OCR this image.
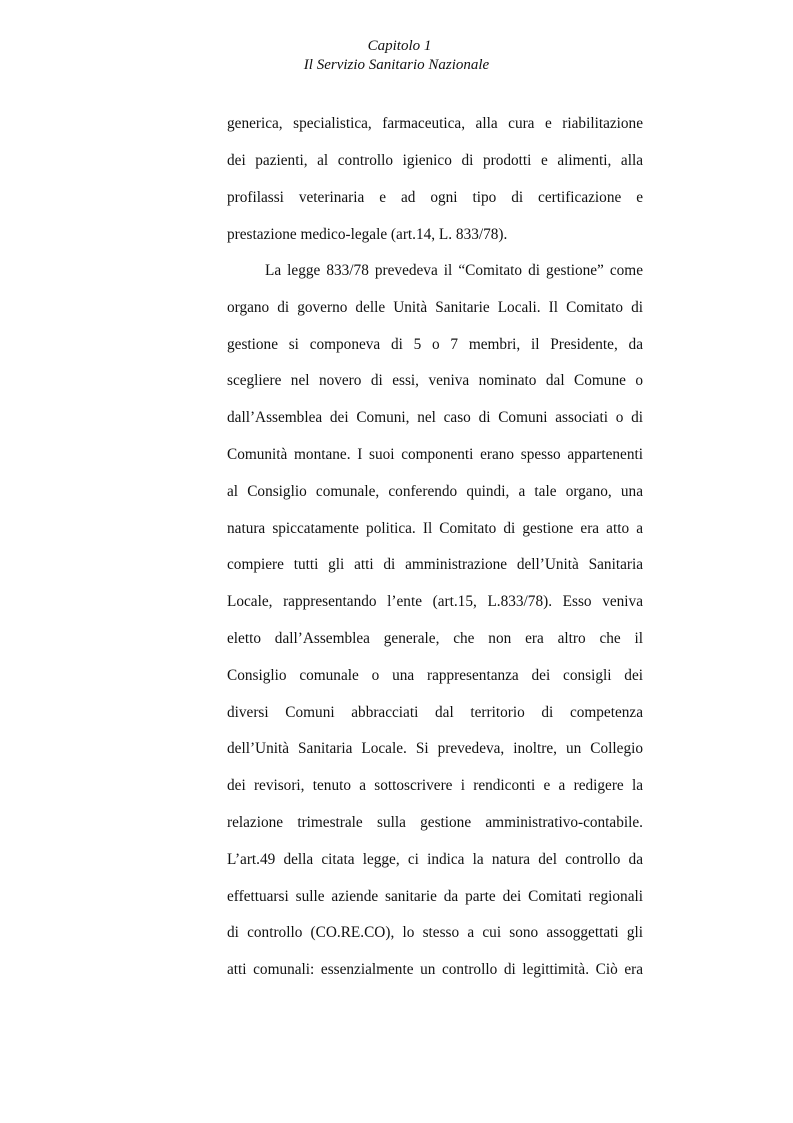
Capitolo 1
Il Servizio Sanitario Nazionale
generica, specialistica, farmaceutica, alla cura e riabilitazione
dei pazienti, al controllo igienico di prodotti e alimenti, alla
profilassi veterinaria e ad ogni tipo di certificazione e
prestazione medico-legale (art.14, L. 833/78).
La legge 833/78 prevedeva il “Comitato di gestione” come
organo di governo delle Unità Sanitarie Locali. Il Comitato di
gestione si componeva di 5 o 7 membri, il Presidente, da
scegliere nel novero di essi, veniva nominato dal Comune o
dall’Assemblea dei Comuni, nel caso di Comuni associati o di
Comunità montane. I suoi componenti erano spesso appartenenti
al Consiglio comunale, conferendo quindi, a tale organo, una
natura spiccatamente politica. Il Comitato di gestione era atto a
compiere tutti gli atti di amministrazione dell’Unità Sanitaria
Locale, rappresentando l’ente (art.15, L.833/78). Esso veniva
eletto dall’Assemblea generale, che non era altro che il
Consiglio comunale o una rappresentanza dei consigli dei
diversi Comuni abbracciati dal territorio di competenza
dell’Unità Sanitaria Locale. Si prevedeva, inoltre, un Collegio
dei revisori, tenuto a sottoscrivere i rendiconti e a redigere la
relazione trimestrale sulla gestione amministrativo-contabile.
L’art.49 della citata legge, ci indica la natura del controllo da
effettuarsi sulle aziende sanitarie da parte dei Comitati regionali
di controllo (CO.RE.CO), lo stesso a cui sono assoggettati gli
atti comunali: essenzialmente un controllo di legittimità. Ciò era
